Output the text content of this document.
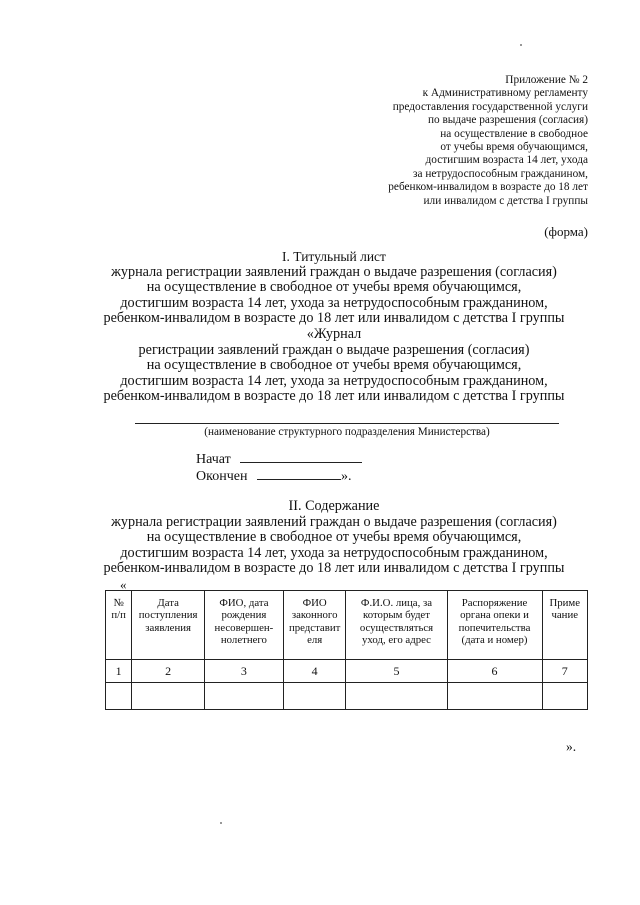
Приложение № 2
к Административному регламенту
предоставления государственной услуги
по выдаче разрешения (согласия)
на осуществление в свободное
от учебы время обучающимся,
достигшим возраста 14 лет, ухода
за нетрудоспособным гражданином,
ребенком-инвалидом в возрасте до 18 лет
или инвалидом с детства I группы
(форма)
I. Титульный лист
журнала регистрации заявлений граждан о выдаче разрешения (согласия)
на осуществление в свободное от учебы время обучающимся,
достигшим возраста 14 лет, ухода за нетрудоспособным гражданином,
ребенком-инвалидом в возрасте до 18 лет или инвалидом с детства I группы
«Журнал
регистрации заявлений граждан о выдаче разрешения (согласия)
на осуществление в свободное от учебы время обучающимся,
достигшим возраста 14 лет, ухода за нетрудоспособным гражданином,
ребенком-инвалидом в возрасте до 18 лет или инвалидом с детства I группы
(наименование структурного подразделения Министерства)
Начат
Окончен	».
II. Содержание
журнала регистрации заявлений граждан о выдаче разрешения (согласия)
на осуществление в свободное от учебы время обучающимся,
достигшим возраста 14 лет, ухода за нетрудоспособным гражданином,
ребенком-инвалидом в возрасте до 18 лет или инвалидом с детства I группы
«
№ п/п	Дата поступления заявления	ФИО, дата рождения несовершен-нолетнего	ФИО законного представит еля	Ф.И.О. лица, за которым будет осуществляться уход, его адрес	Распоряжение органа опеки и попечительства (дата и номер)	Приме чание
1	2	3	4	5	6	7

».
